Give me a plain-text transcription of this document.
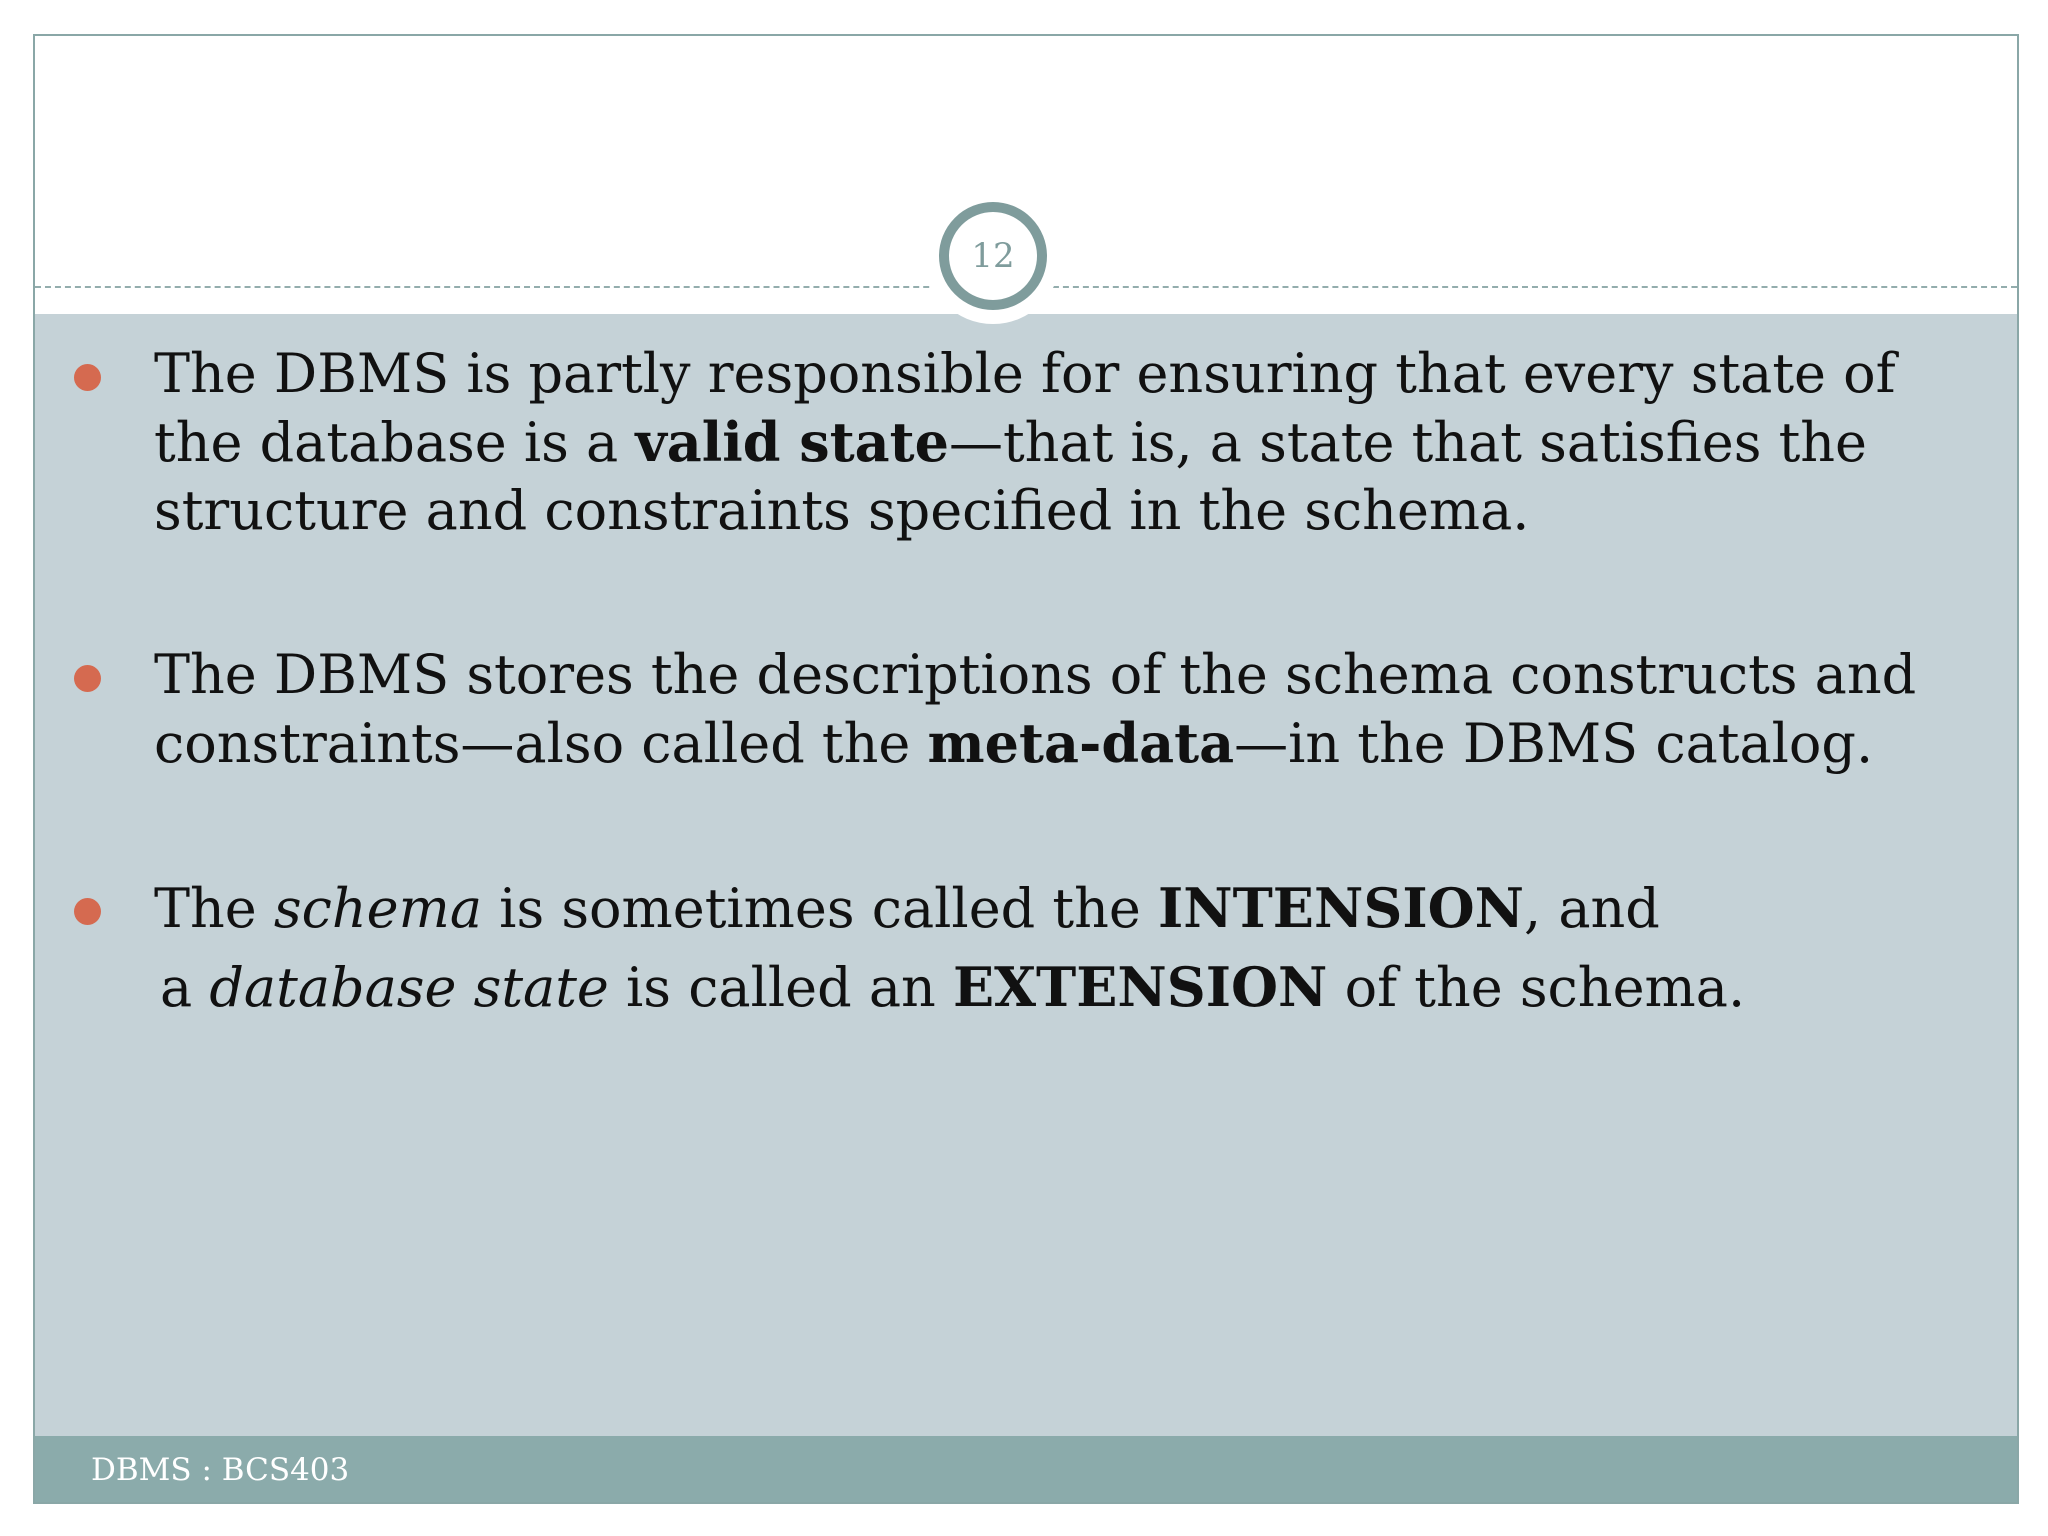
DBMS : BCS403
12
The DBMS is partly responsible for ensuring that every state of the database is a valid state—that is, a state that satisfies the structure and constraints specified in the schema.
The DBMS stores the descriptions of the schema constructs and constraints—also called the meta-data—in the DBMS catalog.
The schema is sometimes called the INTENSION, and
a database state is called an EXTENSION of the schema.
